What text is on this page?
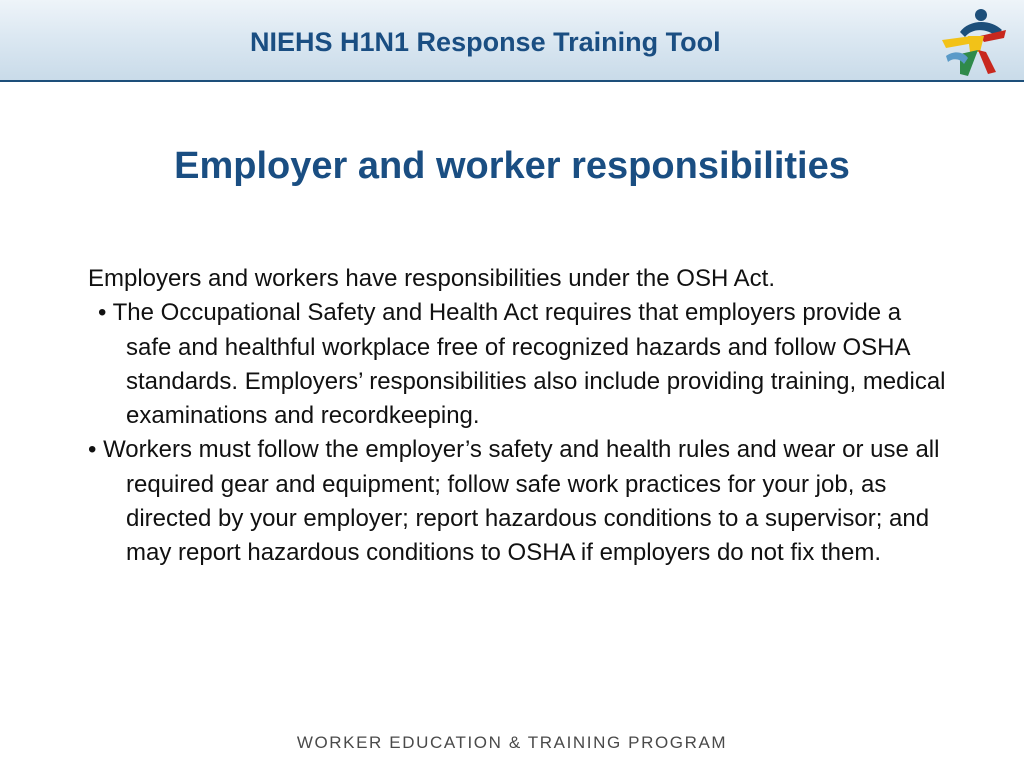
NIEHS H1N1 Response Training Tool
Employer and worker responsibilities

Employers and workers have responsibilities under the OSH Act.

• The Occupational Safety and Health Act requires that employers provide a safe and healthful workplace free of recognized hazards and follow OSHA standards. Employers’ responsibilities also include providing training, medical examinations and recordkeeping.

• Workers must follow the employer’s safety and health rules and wear or use all required gear and equipment; follow safe work practices for your job, as directed by your employer; report hazardous conditions to a supervisor; and may report hazardous conditions to OSHA if employers do not fix them.

WORKER EDUCATION & TRAINING PROGRAM
